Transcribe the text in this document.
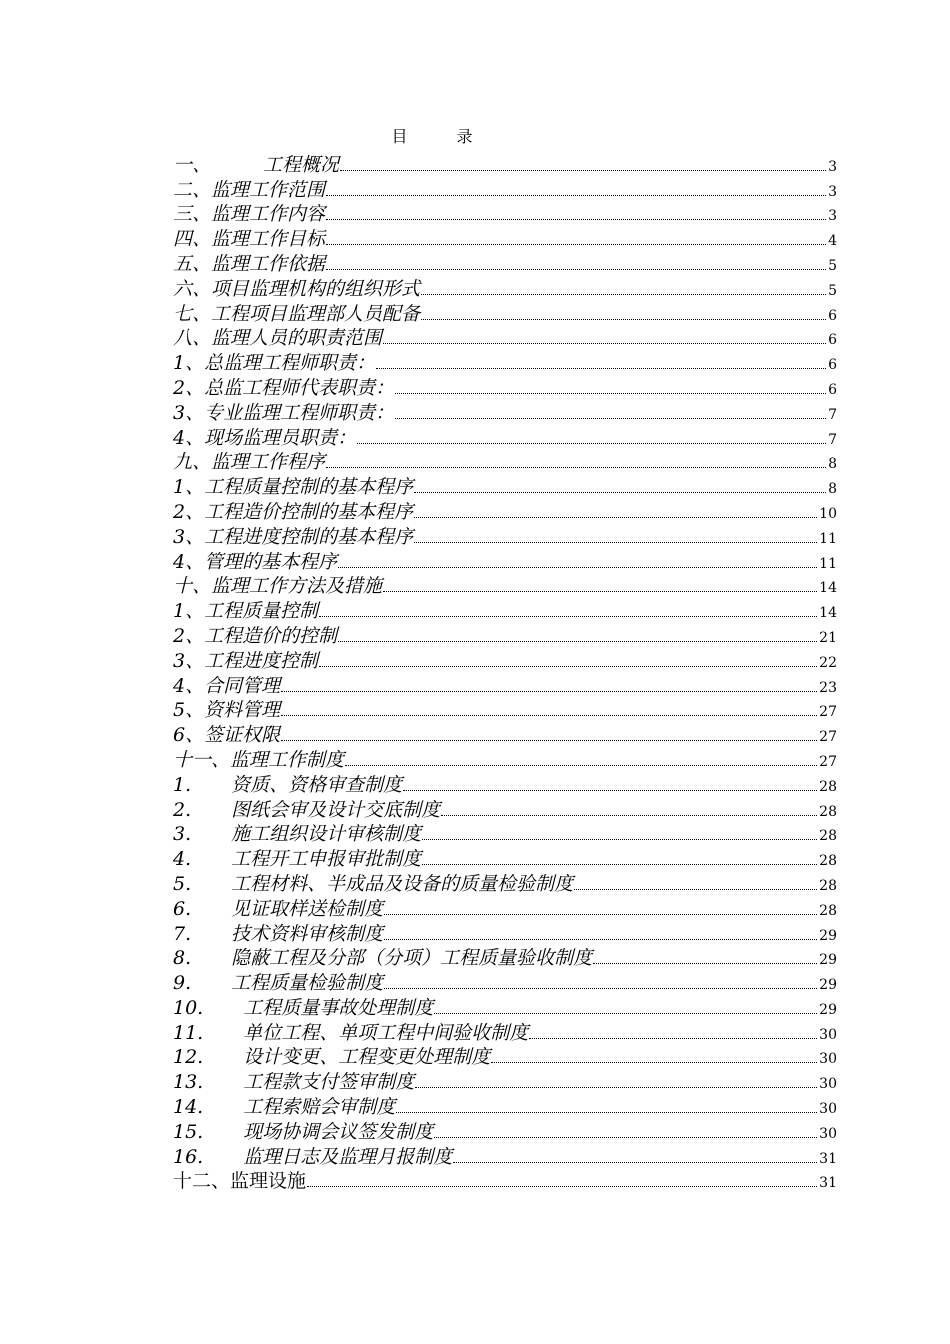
目 录
一、	工程概况	3
二、 监理工作范围	3
三、 监理工作内容	3
四、 监理工作目标	4
五、 监理工作依据	5
六、 项目监理机构的组织形式	5
七、 工程项目监理部人员配备	6
八、 监理人员的职责范围	6
1、 总监理工程师职责：	6
2、 总监工程师代表职责：	6
3、 专业监理工程师职责：	7
4、 现场监理员职责：	7
九、 监理工作程序	8
1、 工程质量控制的基本程序	8
2、 工程造价控制的基本程序	10
3、 工程进度控制的基本程序	11
4、 管理的基本程序	11
十、 监理工作方法及措施	14
1、 工程质量控制	14
2、 工程造价的控制	21
3、 工程进度控制	22
4、 合同管理	23
5、 资料管理	27
6、 签证权限	27
十一、 监理工作制度	27
1. 资质、资格审查制度	28
2. 图纸会审及设计交底制度	28
3. 施工组织设计审核制度	28
4. 工程开工申报审批制度	28
5. 工程材料、半成品及设备的质量检验制度	28
6. 见证取样送检制度	28
7. 技术资料审核制度	29
8. 隐蔽工程及分部（分项）工程质量验收制度	29
9. 工程质量检验制度	29
10. 工程质量事故处理制度	29
11. 单位工程、单项工程中间验收制度	30
12. 设计变更、工程变更处理制度	30
13. 工程款支付签审制度	30
14. 工程索赔会审制度	30
15. 现场协调会议签发制度	30
16. 监理日志及监理月报制度	31
十二、 监理设施	31
